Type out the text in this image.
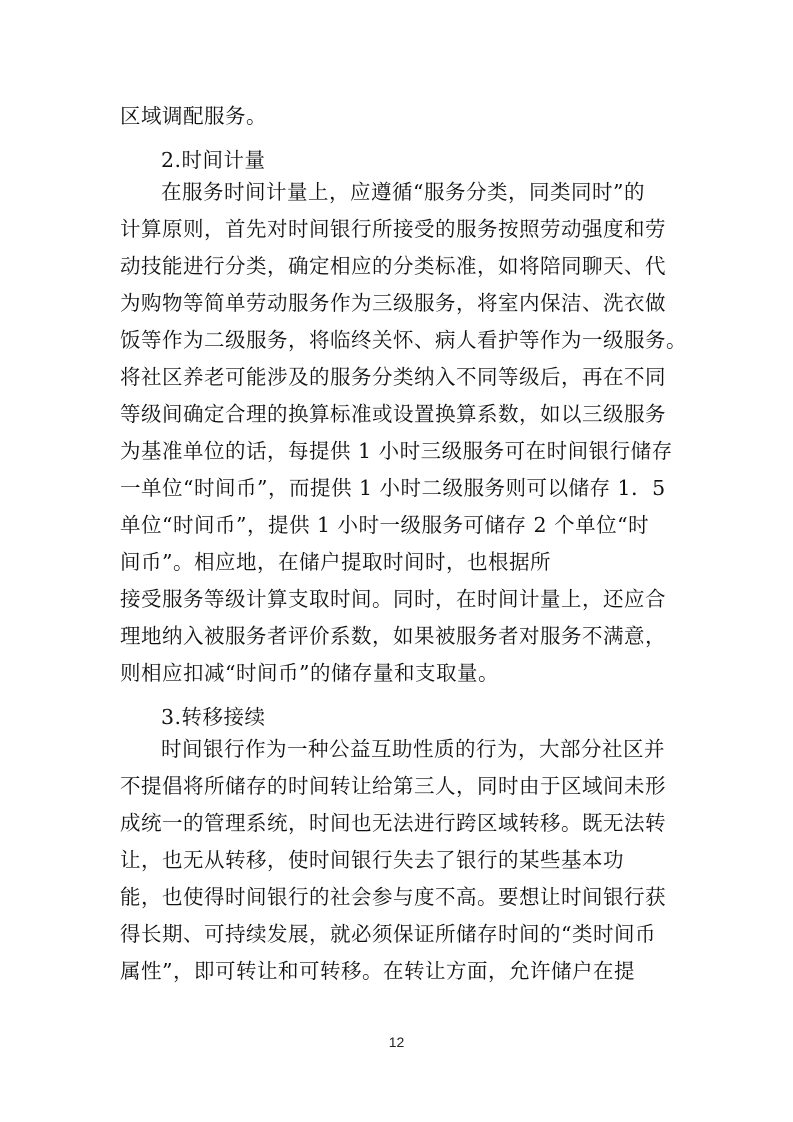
区域调配服务。
2.时间计量
在服务时间计量上，应遵循“服务分类，同类同时”的
计算原则，首先对时间银行所接受的服务按照劳动强度和劳
动技能进行分类，确定相应的分类标准，如将陪同聊天、代
为购物等简单劳动服务作为三级服务，将室内保洁、洗衣做
饭等作为二级服务，将临终关怀、病人看护等作为一级服务。
将社区养老可能涉及的服务分类纳入不同等级后，再在不同
等级间确定合理的换算标准或设置换算系数，如以三级服务
为基准单位的话，每提供 1 小时三级服务可在时间银行储存
一单位“时间币”，而提供 1 小时二级服务则可以储存 1．5
单位“时间币”，提供 1 小时一级服务可储存 2 个单位“时
间币”。相应地，在储户提取时间时，也根据所
接受服务等级计算支取时间。同时，在时间计量上，还应合
理地纳入被服务者评价系数，如果被服务者对服务不满意，
则相应扣减“时间币”的储存量和支取量。
3.转移接续
时间银行作为一种公益互助性质的行为，大部分社区并
不提倡将所储存的时间转让给第三人，同时由于区域间未形
成统一的管理系统，时间也无法进行跨区域转移。既无法转
让，也无从转移，使时间银行失去了银行的某些基本功
能，也使得时间银行的社会参与度不高。要想让时间银行获
得长期、可持续发展，就必须保证所储存时间的“类时间币
属性”，即可转让和可转移。在转让方面，允许储户在提
12
